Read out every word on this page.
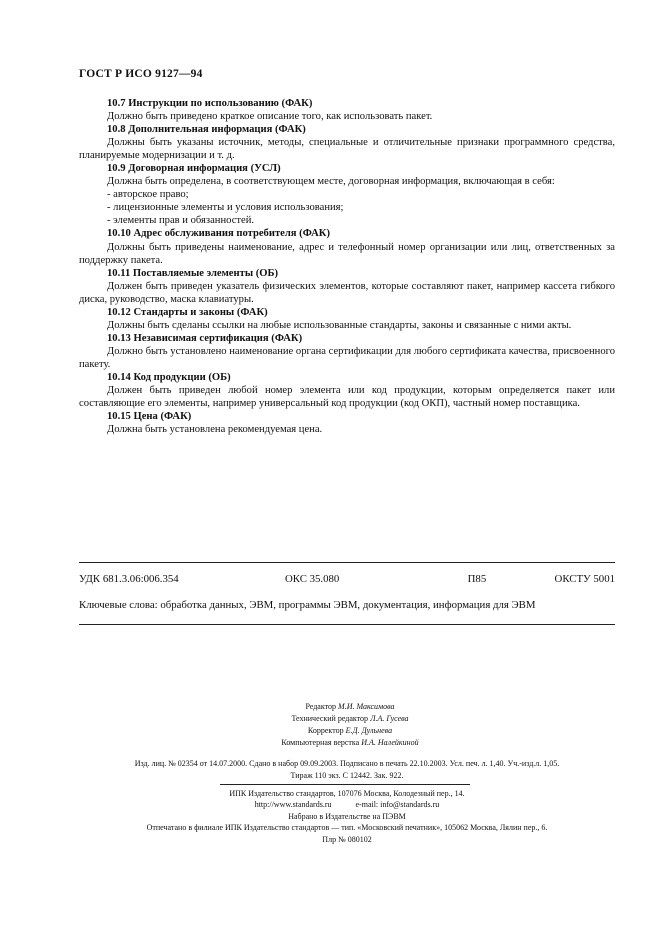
ГОСТ Р ИСО 9127—94

10.7 Инструкции по использованию (ФАК)

Должно быть приведено краткое описание того, как использовать пакет.

10.8 Дополнительная информация (ФАК)

Должны быть указаны источник, методы, специальные и отличительные признаки программного средства, планируемые модернизации и т. д.

10.9 Договорная информация (УСЛ)

Должна быть определена, в соответствующем месте, договорная информация, включающая в себя:

- авторское право;

- лицензионные элементы и условия использования;

- элементы прав и обязанностей.

10.10 Адрес обслуживания потребителя (ФАК)

Должны быть приведены наименование, адрес и телефонный номер организации или лиц, ответственных за поддержку пакета.

10.11 Поставляемые элементы (ОБ)

Должен быть приведен указатель физических элементов, которые составляют пакет, например кассета гибкого диска, руководство, маска клавиатуры.

10.12 Стандарты и законы (ФАК)

Должны быть сделаны ссылки на любые использованные стандарты, законы и связанные с ними акты.

10.13 Независимая сертификация (ФАК)

Должно быть установлено наименование органа сертификации для любого сертификата качества, присвоенного пакету.

10.14 Код продукции (ОБ)

Должен быть приведен любой номер элемента или код продукции, которым определяется пакет или составляющие его элементы, например универсальный код продукции (код ОКП), частный номер поставщика.

10.15 Цена (ФАК)

Должна быть установлена рекомендуемая цена.

УДК 681.3.06:006.354	ОКС 35.080	П85	ОКСТУ 5001
Ключевые слова: обработка данных, ЭВМ, программы ЭВМ, документация, информация для ЭВМ
Редактор М.И. Максимова
Технический редактор Л.А. Гусева
Корректор Е.Д. Дульнева
Компьютерная верстка И.А. Налейкиной
Изд. лиц. № 02354 от 14.07.2000. Сдано в набор 09.09.2003. Подписано в печать 22.10.2003. Усл. печ. л. 1,40. Уч.-изд.л. 1,05.
Тираж 110 экз. С 12442. Зак. 922.
ИПК Издательство стандартов, 107076 Москва, Колодезный пер., 14.
http://www.standards.ru	e-mail: info@standards.ru
Набрано в Издательстве на ПЭВМ
Отпечатано в филиале ИПК Издательство стандартов — тип. «Московский печатник», 105062 Москва, Лялин пер., 6.
Плр № 080102
